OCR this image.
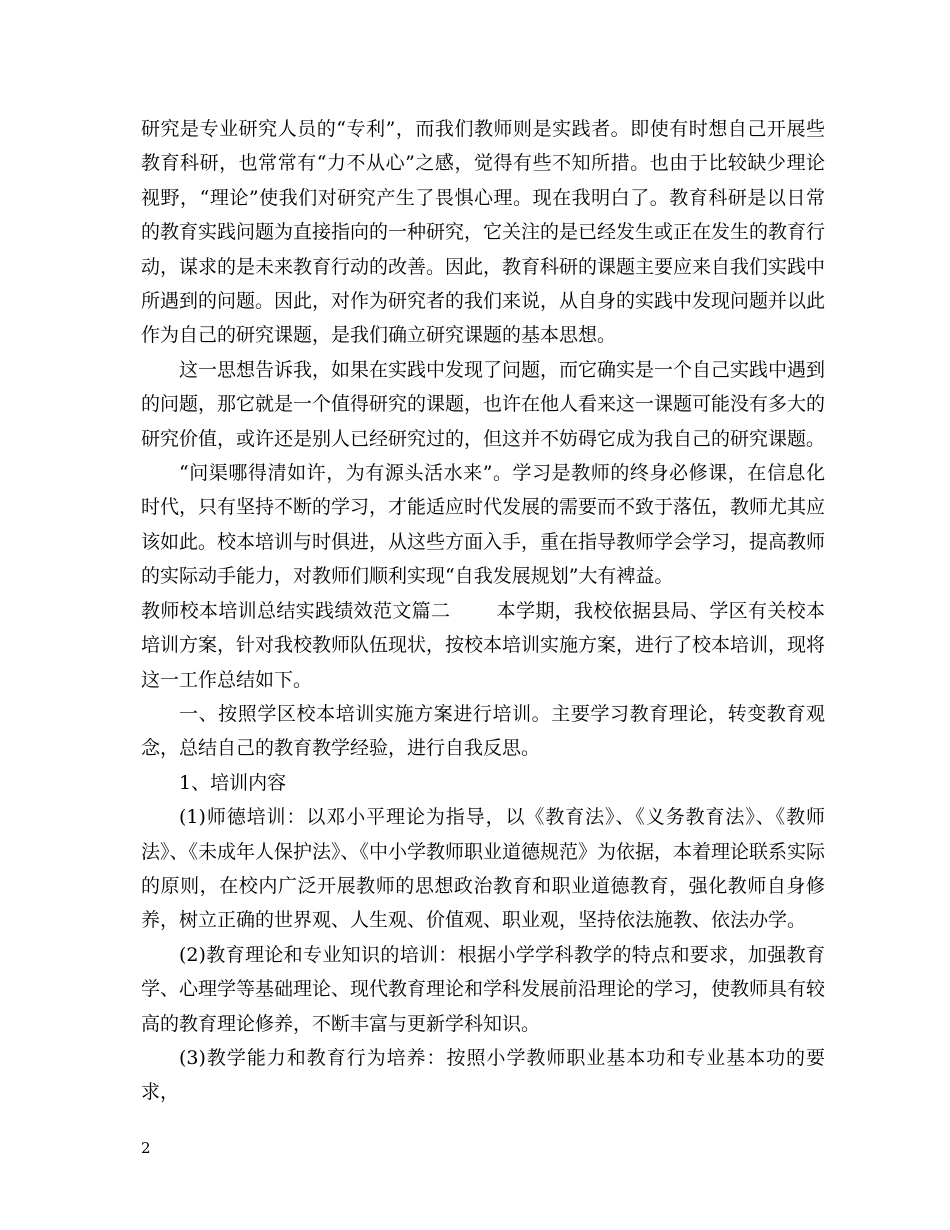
研究是专业研究人员的“专利”，而我们教师则是实践者。即使有时想自己开展些教育科研，也常常有“力不从心”之感，觉得有些不知所措。也由于比较缺少理论视野，“理论”使我们对研究产生了畏惧心理。现在我明白了。教育科研是以日常的教育实践问题为直接指向的一种研究，它关注的是已经发生或正在发生的教育行动，谋求的是未来教育行动的改善。因此，教育科研的课题主要应来自我们实践中所遇到的问题。因此，对作为研究者的我们来说，从自身的实践中发现问题并以此作为自己的研究课题，是我们确立研究课题的基本思想。

这一思想告诉我，如果在实践中发现了问题，而它确实是一个自己实践中遇到的问题，那它就是一个值得研究的课题，也许在他人看来这一课题可能没有多大的研究价值，或许还是别人已经研究过的，但这并不妨碍它成为我自己的研究课题。

“问渠哪得清如许，为有源头活水来”。学习是教师的终身必修课，在信息化时代，只有坚持不断的学习，才能适应时代发展的需要而不致于落伍，教师尤其应该如此。校本培训与时俱进，从这些方面入手，重在指导教师学会学习，提高教师的实际动手能力，对教师们顺利实现“自我发展规划”大有裨益。

教师校本培训总结实践绩效范文篇二 本学期，我校依据县局、学区有关校本培训方案，针对我校教师队伍现状，按校本培训实施方案，进行了校本培训，现将这一工作总结如下。

一、按照学区校本培训实施方案进行培训。主要学习教育理论，转变教育观念，总结自己的教育教学经验，进行自我反思。

1、培训内容

(1)师德培训：以邓小平理论为指导，以《教育法》、《义务教育法》、《教师法》、《未成年人保护法》、《中小学教师职业道德规范》为依据，本着理论联系实际的原则，在校内广泛开展教师的思想政治教育和职业道德教育，强化教师自身修养，树立正确的世界观、人生观、价值观、职业观，坚持依法施教、依法办学。

(2)教育理论和专业知识的培训：根据小学学科教学的特点和要求，加强教育学、心理学等基础理论、现代教育理论和学科发展前沿理论的学习，使教师具有较高的教育理论修养，不断丰富与更新学科知识。

(3)教学能力和教育行为培养：按照小学教师职业基本功和专业基本功的要求，

2
